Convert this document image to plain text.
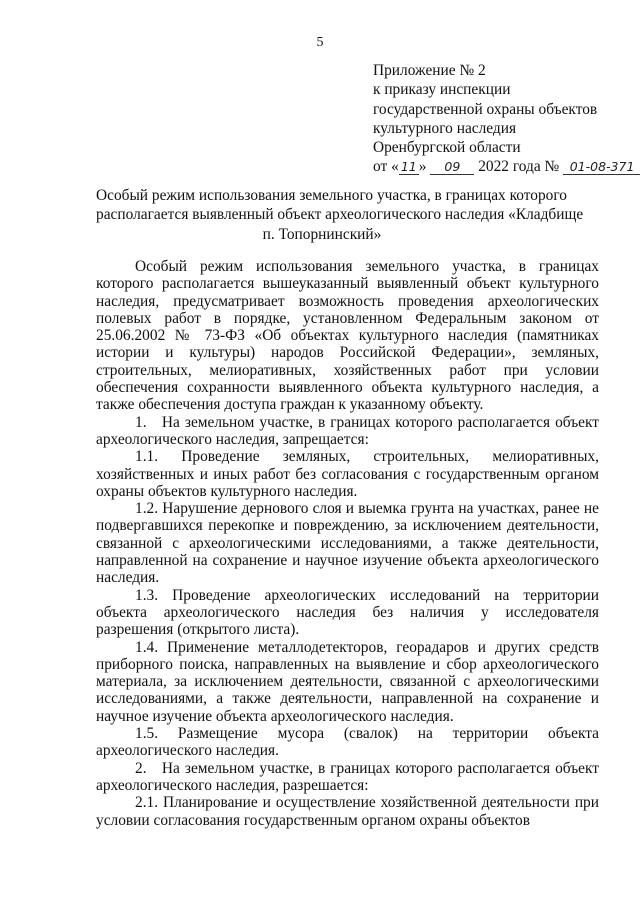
5
Приложение № 2
к приказу инспекции
государственной охраны объектов
культурного наследия
Оренбургской области
от « 11 » 09 2022 года № 01-08-371
Особый режим использования земельного участка, в границах которого
располагается выявленный объект археологического наследия «Кладбище
п. Топорнинский»

Особый режим использования земельного участка, в границах которого располагается вышеуказанный выявленный объект культурного наследия, предусматривает возможность проведения археологических полевых работ в порядке, установленном Федеральным законом от 25.06.2002 № 73-ФЗ «Об объектах культурного наследия (памятниках истории и культуры) народов Российской Федерации», земляных, строительных, мелиоративных, хозяйственных работ при условии обеспечения сохранности выявленного объекта культурного наследия, а также обеспечения доступа граждан к указанному объекту.

1. На земельном участке, в границах которого располагается объект археологического наследия, запрещается:

1.1. Проведение земляных, строительных, мелиоративных, хозяйственных и иных работ без согласования с государственным органом охраны объектов культурного наследия.

1.2. Нарушение дернового слоя и выемка грунта на участках, ранее не подвергавшихся перекопке и повреждению, за исключением деятельности, связанной с археологическими исследованиями, а также деятельности, направленной на сохранение и научное изучение объекта археологического наследия.

1.3. Проведение археологических исследований на территории объекта археологического наследия без наличия у исследователя разрешения (открытого листа).

1.4. Применение металлодетекторов, георадаров и других средств приборного поиска, направленных на выявление и сбор археологического материала, за исключением деятельности, связанной с археологическими исследованиями, а также деятельности, направленной на сохранение и научное изучение объекта археологического наследия.

1.5. Размещение мусора (свалок) на территории объекта археологического наследия.

2. На земельном участке, в границах которого располагается объект археологического наследия, разрешается:

2.1. Планирование и осуществление хозяйственной деятельности при условии согласования государственным органом охраны объектов
